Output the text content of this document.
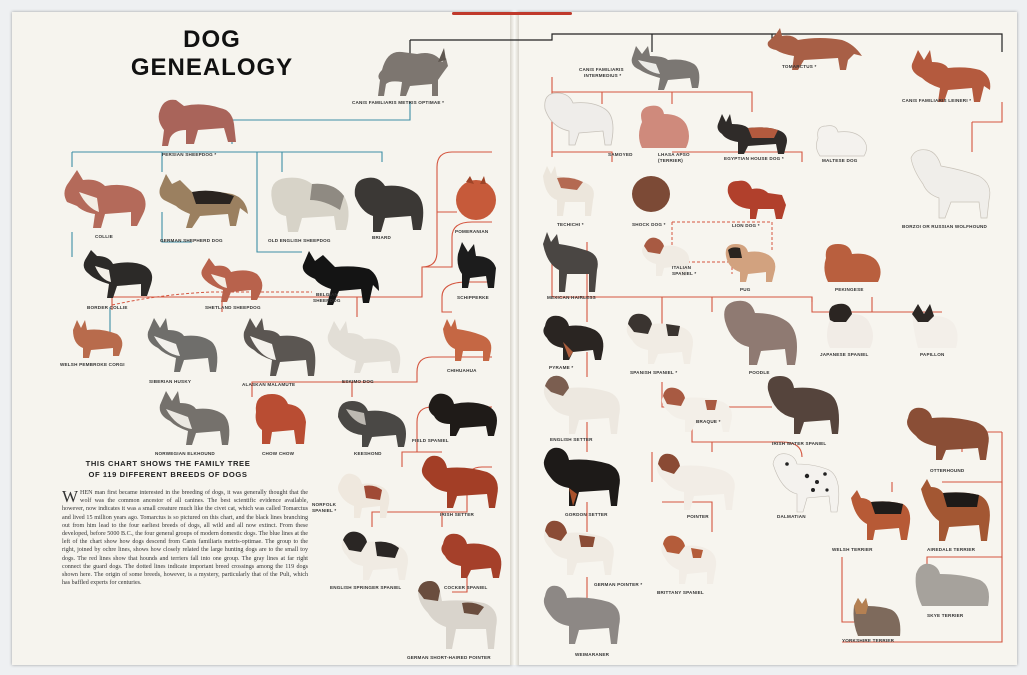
DOG
GENEALOGY
CANIS FAMILIARIS METRIS OPTIMAE *
PERSIAN SHEEPDOG *
COLLIE
GERMAN SHEPHERD DOG	OLD ENGLISH SHEEPDOG
BRIARD
POMERANIAN
BORDER COLLIE	SHETLAND SHEEPDOG
BELGIAN
SHEEPDOG
SCHIPPERKE
WELSH PEMBROKE CORGI
SIBERIAN HUSKY
ALASKAN MALAMUTE
ESKIMO DOG
CHIHUAHUA
NORWEGIAN ELKHOUND	CHOW CHOW	KEESHOND
FIELD SPANIEL
NORFOLK
SPANIEL *
IRISH SETTER
ENGLISH SPRINGER SPANIEL	COCKER SPANIEL
GERMAN SHORT-HAIRED POINTER
TOMARCTUS *
CANIS FAMILIARIS
INTERMEDIUS *
CANIS FAMILIARIS LEINERI *
SAMOYED	LHASA APSO
(TERRIER)	EGYPTIAN HOUSE DOG *	MALTESE DOG
TECHICHI *	SHOCK DOG *	LION DOG *	BORZOI OR RUSSIAN WOLFHOUND
ITALIAN
SPANIEL *
PUG	PEKINGESE
MEXICAN HAIRLESS
PYRAME *
SPANISH SPANIEL *	POODLE
JAPANESE SPANIEL	PAPILLON
BRAQUE *
ENGLISH SETTER
IRISH WATER SPANIEL
OTTERHOUND
GORDON SETTER	POINTER	DALMATIAN
WELSH TERRIER	AIREDALE TERRIER
GERMAN POINTER *
BRITTANY SPANIEL
SKYE TERRIER
WEIMARANER
YORKSHIRE TERRIER
THIS CHART SHOWS THE FAMILY TREE
OF 119 DIFFERENT BREEDS OF DOGS
WHEN man first became interested in the breeding of dogs, it was generally thought that the wolf was the common ancestor of all canines. The best scientific evidence available, however, now indicates it was a small creature much like the civet cat, which was called Tomarctus and lived 15 million years ago. Tomarctus is so pictured on this chart, and the black lines branching out from him lead to the four earliest breeds of dogs, all wild and all now extinct. From these developed, before 5000 B.C., the four general groups of modern domestic dogs. The blue lines at the left of the chart show how dogs descend from Canis familiaris metris-optimae. The group to the right, joined by ochre lines, shows how closely related the large hunting dogs are to the small toy dogs. The red lines show that hounds and terriers fall into one group. The gray lines at far right connect the guard dogs. The dotted lines indicate important breed crossings among the 119 dogs shown here. The origin of some breeds, however, is a mystery, particularly that of the Puli, which has baffled experts for centuries.
